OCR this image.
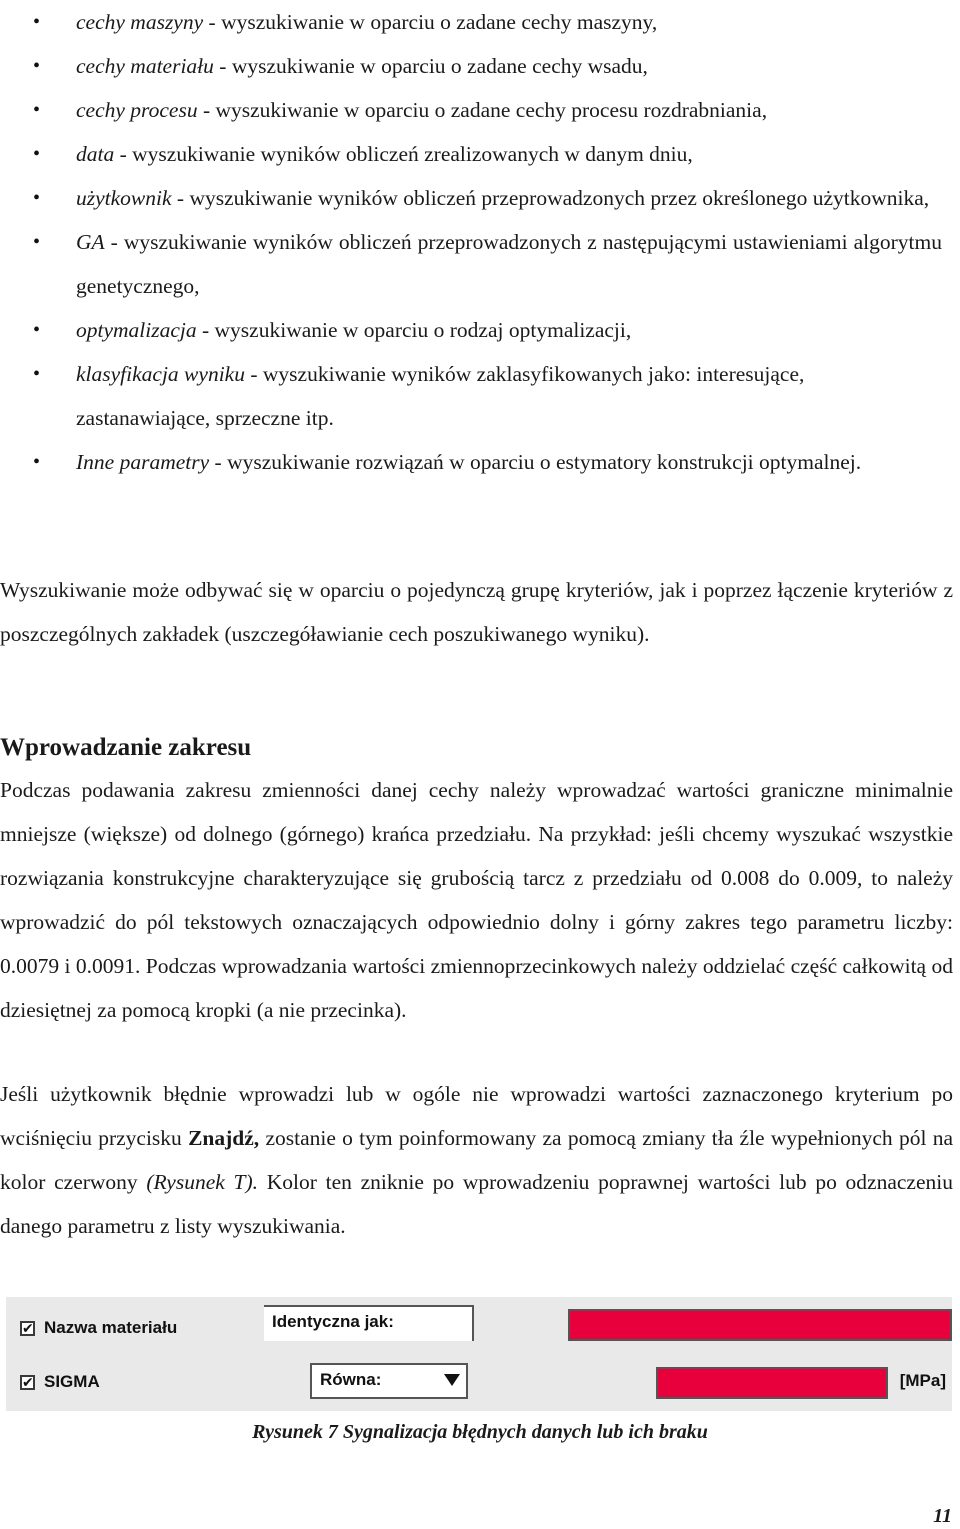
• cechy maszyny - wyszukiwanie w oparciu o zadane cechy maszyny,
• cechy materiału - wyszukiwanie w oparciu o zadane cechy wsadu,
• cechy procesu - wyszukiwanie w oparciu o zadane cechy procesu rozdrabniania,
• data - wyszukiwanie wyników obliczeń zrealizowanych w danym dniu,
• użytkownik - wyszukiwanie wyników obliczeń przeprowadzonych przez określonego użytkownika,
• GA - wyszukiwanie wyników obliczeń przeprowadzonych z następującymi ustawieniami algorytmu genetycznego,
• optymalizacja - wyszukiwanie w oparciu o rodzaj optymalizacji,
• klasyfikacja wyniku - wyszukiwanie wyników zaklasyfikowanych jako: interesujące, zastanawiające, sprzeczne itp.
• Inne parametry - wyszukiwanie rozwiązań w oparciu o estymatory konstrukcji optymalnej.

Wyszukiwanie może odbywać się w oparciu o pojedynczą grupę kryteriów, jak i poprzez łączenie kryteriów z poszczególnych zakładek (uszczegóławianie cech poszukiwanego wyniku).

Wprowadzanie zakresu

Podczas podawania zakresu zmienności danej cechy należy wprowadzać wartości graniczne minimalnie mniejsze (większe) od dolnego (górnego) krańca przedziału. Na przykład: jeśli chcemy wyszukać wszystkie rozwiązania konstrukcyjne charakteryzujące się grubością tarcz z przedziału od 0.008 do 0.009, to należy wprowadzić do pól tekstowych oznaczających odpowiednio dolny i górny zakres tego parametru liczby: 0.0079 i 0.0091. Podczas wprowadzania wartości zmiennoprzecinkowych należy oddzielać część całkowitą od dziesiętnej za pomocą kropki (a nie przecinka).

Jeśli użytkownik błędnie wprowadzi lub w ogóle nie wprowadzi wartości zaznaczonego kryterium po wciśnięciu przycisku Znajdź, zostanie o tym poinformowany za pomocą zmiany tła źle wypełnionych pól na kolor czerwony (Rysunek T). Kolor ten zniknie po wprowadzeniu poprawnej wartości lub po odznaczeniu danego parametru z listy wyszukiwania.

✔ Nazwa materiału	Identyczna jak:
✔ SIGMA	Równa:	[MPa]

Rysunek 7 Sygnalizacja błędnych danych lub ich braku

11
